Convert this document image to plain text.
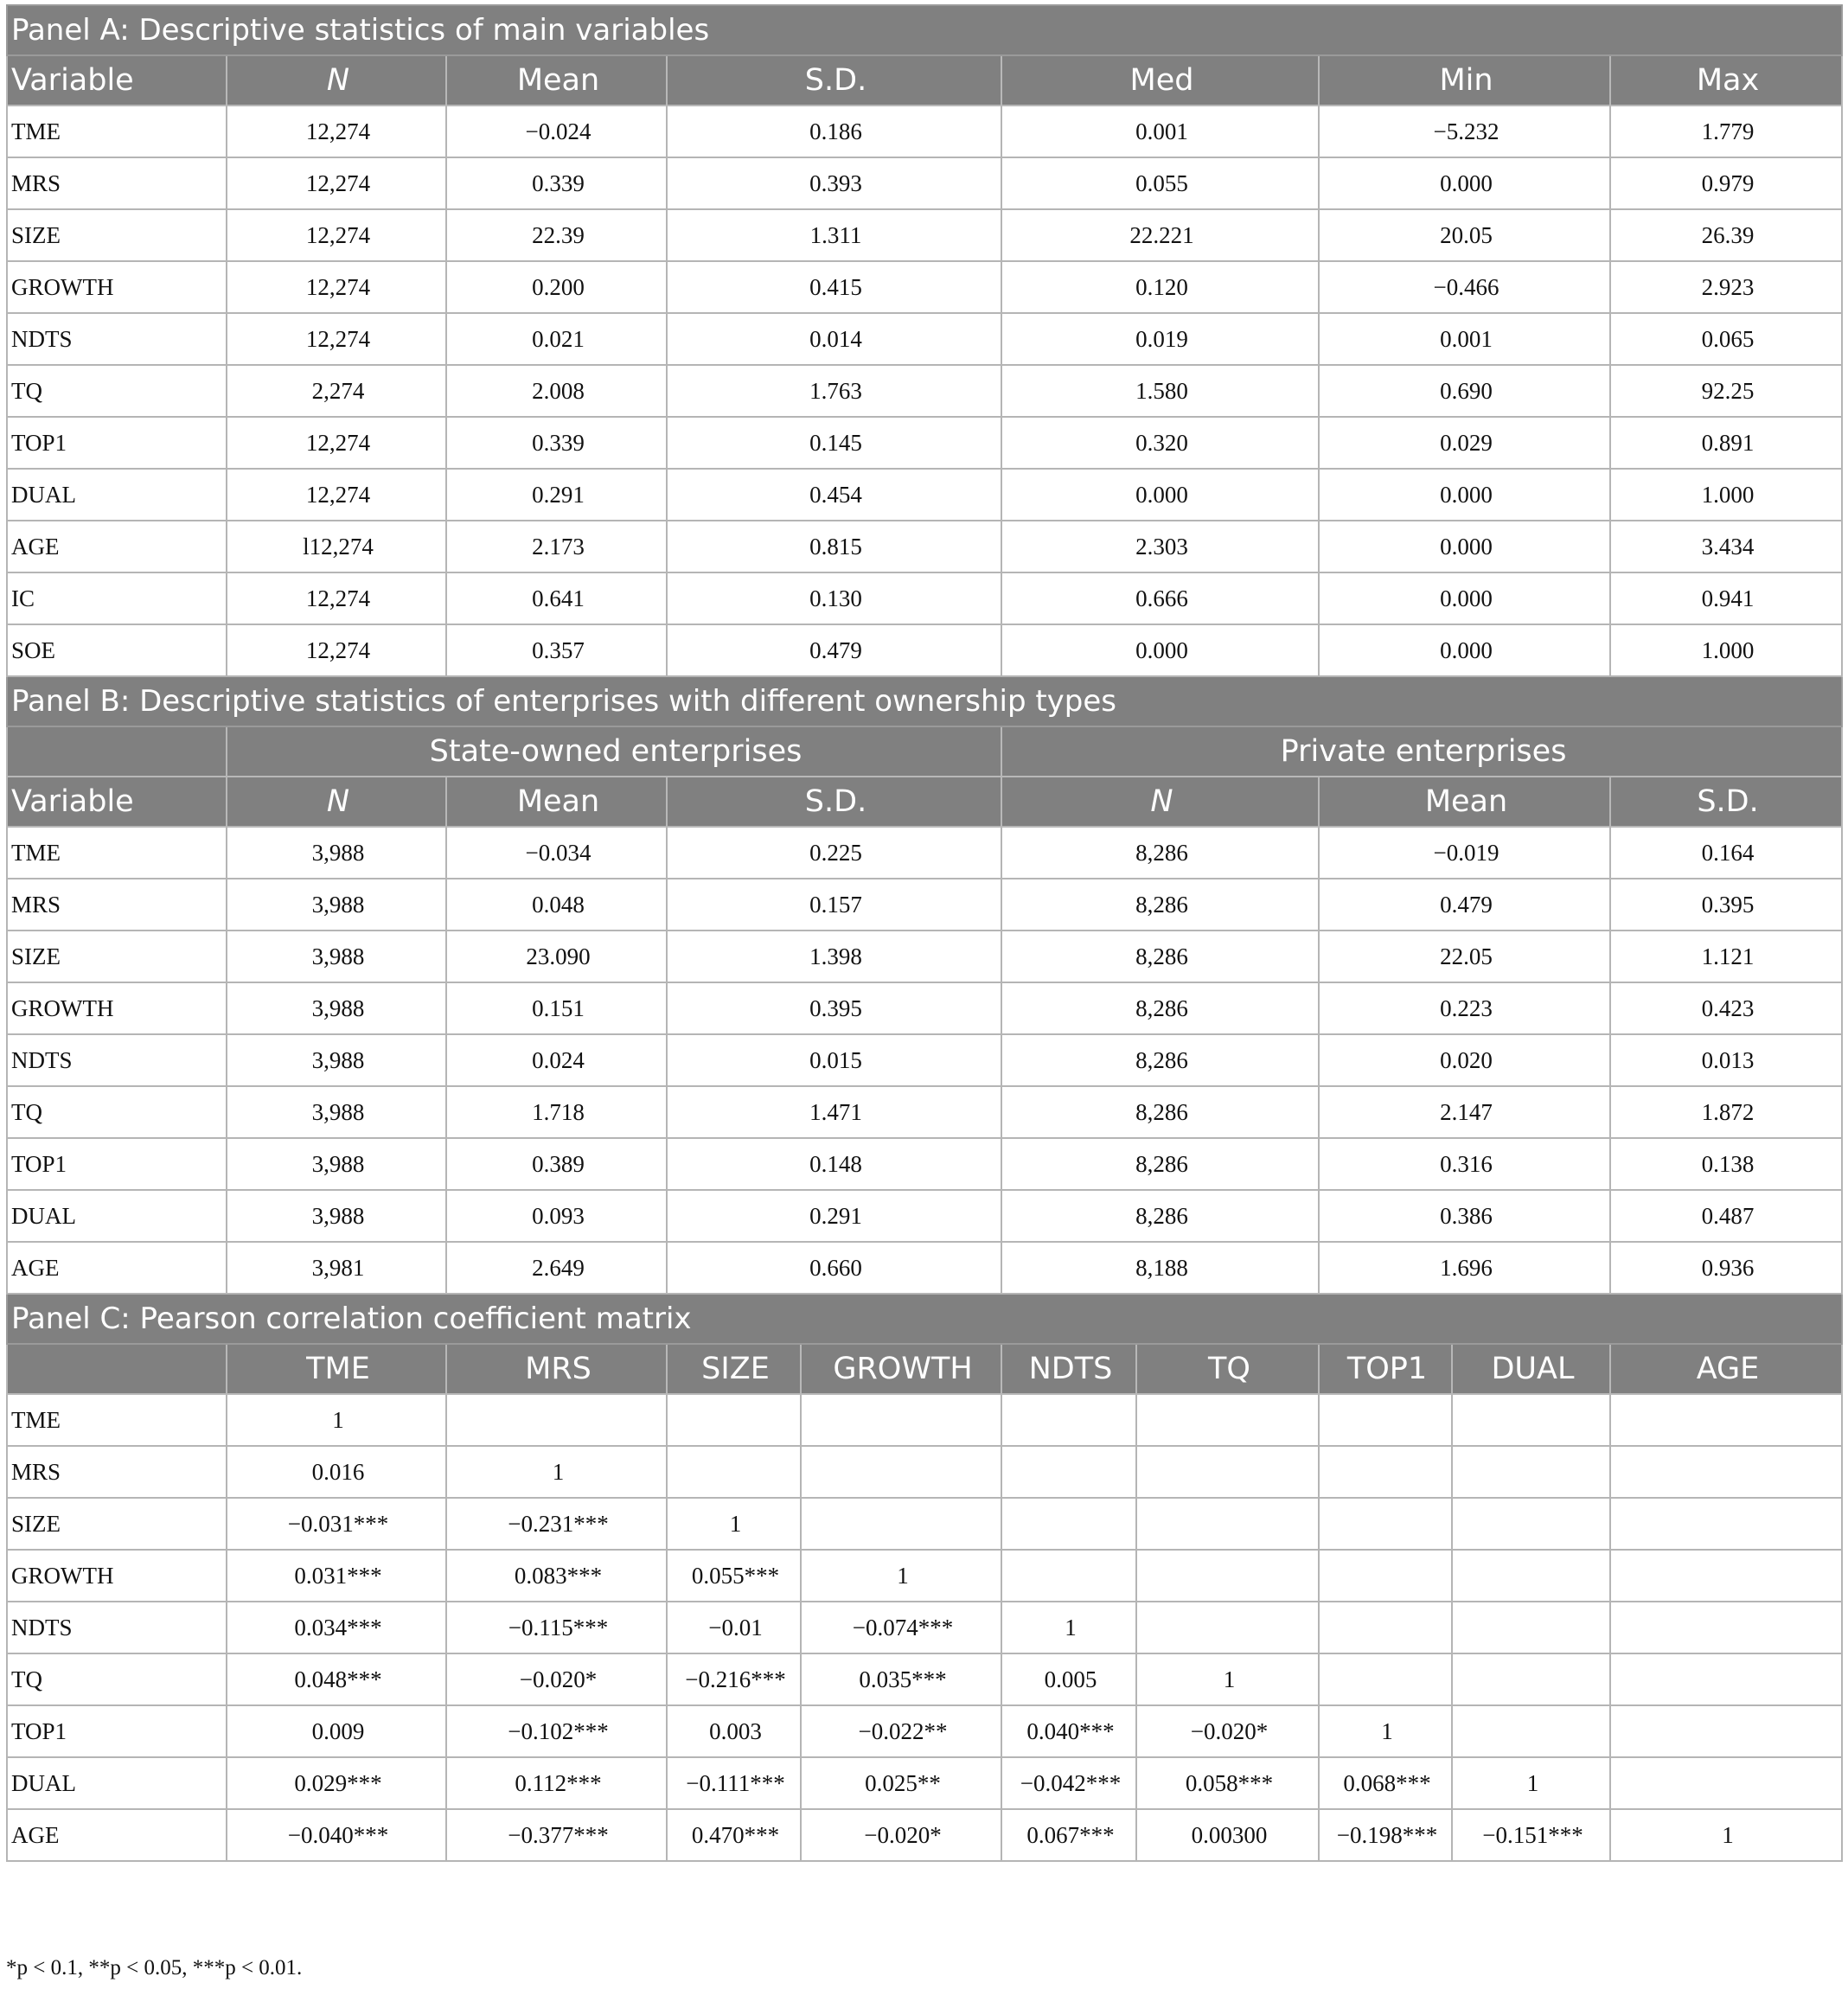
Panel A: Descriptive statistics of main variables									
Variable	N	Mean	S.D.		Med		Min		Max
TME	12,274	−0.024	0.186		0.001		−5.232		1.779
MRS	12,274	0.339	0.393		0.055		0.000		0.979
SIZE	12,274	22.39	1.311		22.221		20.05		26.39
GROWTH	12,274	0.200	0.415		0.120		−0.466		2.923
NDTS	12,274	0.021	0.014		0.019		0.001		0.065
TQ	2,274	2.008	1.763		1.580		0.690		92.25
TOP1	12,274	0.339	0.145		0.320		0.029		0.891
DUAL	12,274	0.291	0.454		0.000		0.000		1.000
AGE	l12,274	2.173	0.815		2.303		0.000		3.434
IC	12,274	0.641	0.130		0.666		0.000		0.941
SOE	12,274	0.357	0.479		0.000		0.000		1.000
Panel B: Descriptive statistics of enterprises with different ownership types									
	State-owned enterprises				Private enterprises				
Variable	N	Mean	S.D.		N		Mean		S.D.
TME	3,988	−0.034	0.225		8,286		−0.019		0.164
MRS	3,988	0.048	0.157		8,286		0.479		0.395
SIZE	3,988	23.090	1.398		8,286		22.05		1.121
GROWTH	3,988	0.151	0.395		8,286		0.223		0.423
NDTS	3,988	0.024	0.015		8,286		0.020		0.013
TQ	3,988	1.718	1.471		8,286		2.147		1.872
TOP1	3,988	0.389	0.148		8,286		0.316		0.138
DUAL	3,988	0.093	0.291		8,286		0.386		0.487
AGE	3,981	2.649	0.660		8,188		1.696		0.936
Panel C: Pearson correlation coefficient matrix									
	TME	MRS	SIZE	GROWTH	NDTS	TQ	TOP1	DUAL	AGE
TME	1								
MRS	0.016	1							
SIZE	−0.031***	−0.231***	1						
GROWTH	0.031***	0.083***	0.055***	1					
NDTS	0.034***	−0.115***	−0.01	−0.074***	1				
TQ	0.048***	−0.020*	−0.216***	0.035***	0.005	1			
TOP1	0.009	−0.102***	0.003	−0.022**	0.040***	−0.020*	1		
DUAL	0.029***	0.112***	−0.111***	0.025**	−0.042***	0.058***	0.068***	1	
AGE	−0.040***	−0.377***	0.470***	−0.020*	0.067***	0.00300	−0.198***	−0.151***	1
*p < 0.1, **p < 0.05, ***p < 0.01.
